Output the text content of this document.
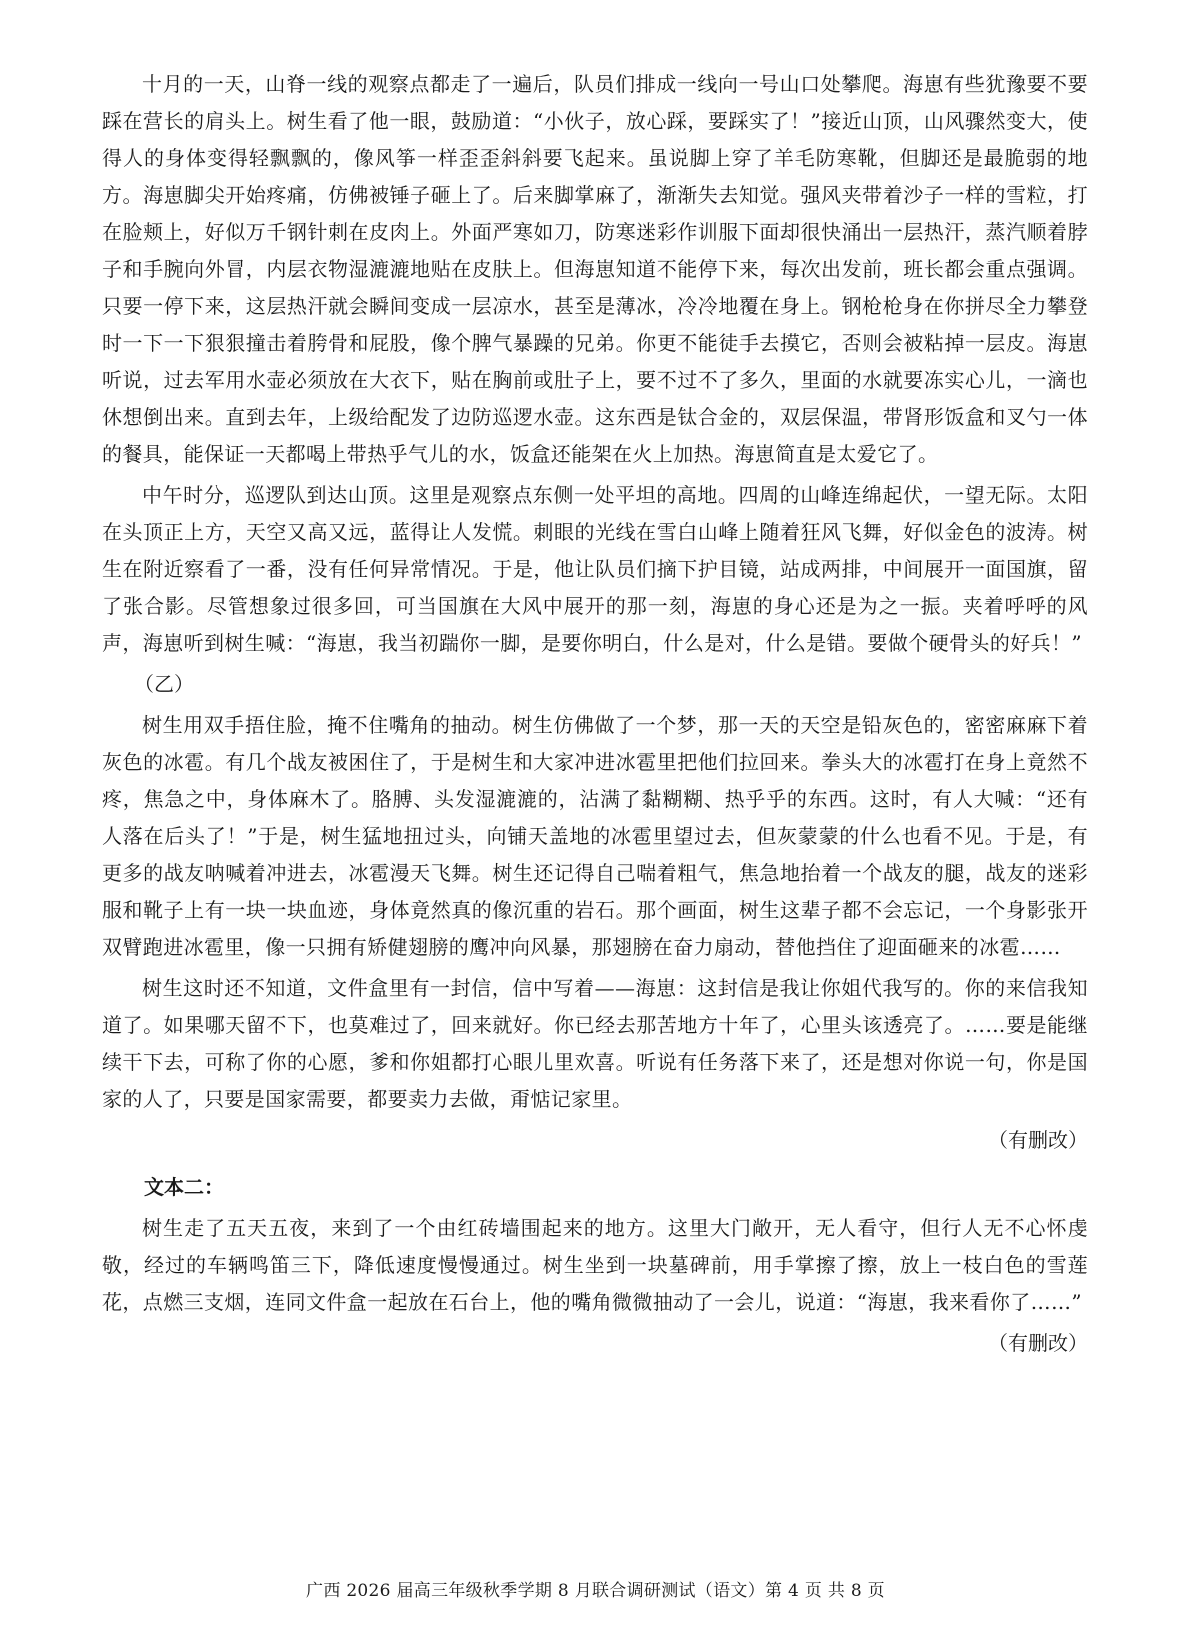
十月的一天，山脊一线的观察点都走了一遍后，队员们排成一线向一号山口处攀爬。海崽有些犹豫要不要踩在营长的肩头上。树生看了他一眼，鼓励道：“小伙子，放心踩，要踩实了！”接近山顶，山风骤然变大，使得人的身体变得轻飘飘的，像风筝一样歪歪斜斜要飞起来。虽说脚上穿了羊毛防寒靴，但脚还是最脆弱的地方。海崽脚尖开始疼痛，仿佛被锤子砸上了。后来脚掌麻了，渐渐失去知觉。强风夹带着沙子一样的雪粒，打在脸颊上，好似万千钢针刺在皮肉上。外面严寒如刀，防寒迷彩作训服下面却很快涌出一层热汗，蒸汽顺着脖子和手腕向外冒，内层衣物湿漉漉地贴在皮肤上。但海崽知道不能停下来，每次出发前，班长都会重点强调。只要一停下来，这层热汗就会瞬间变成一层凉水，甚至是薄冰，冷冷地覆在身上。钢枪枪身在你拼尽全力攀登时一下一下狠狠撞击着胯骨和屁股，像个脾气暴躁的兄弟。你更不能徒手去摸它，否则会被粘掉一层皮。海崽听说，过去军用水壶必须放在大衣下，贴在胸前或肚子上，要不过不了多久，里面的水就要冻实心儿，一滴也休想倒出来。直到去年，上级给配发了边防巡逻水壶。这东西是钛合金的，双层保温，带肾形饭盒和叉勺一体的餐具，能保证一天都喝上带热乎气儿的水，饭盒还能架在火上加热。海崽简直是太爱它了。

中午时分，巡逻队到达山顶。这里是观察点东侧一处平坦的高地。四周的山峰连绵起伏，一望无际。太阳在头顶正上方，天空又高又远，蓝得让人发慌。刺眼的光线在雪白山峰上随着狂风飞舞，好似金色的波涛。树生在附近察看了一番，没有任何异常情况。于是，他让队员们摘下护目镜，站成两排，中间展开一面国旗，留了张合影。尽管想象过很多回，可当国旗在大风中展开的那一刻，海崽的身心还是为之一振。夹着呼呼的风声，海崽听到树生喊：“海崽，我当初踹你一脚，是要你明白，什么是对，什么是错。要做个硬骨头的好兵！”

（乙）

树生用双手捂住脸，掩不住嘴角的抽动。树生仿佛做了一个梦，那一天的天空是铅灰色的，密密麻麻下着灰色的冰雹。有几个战友被困住了，于是树生和大家冲进冰雹里把他们拉回来。拳头大的冰雹打在身上竟然不疼，焦急之中，身体麻木了。胳膊、头发湿漉漉的，沾满了黏糊糊、热乎乎的东西。这时，有人大喊：“还有人落在后头了！”于是，树生猛地扭过头，向铺天盖地的冰雹里望过去，但灰蒙蒙的什么也看不见。于是，有更多的战友呐喊着冲进去，冰雹漫天飞舞。树生还记得自己喘着粗气，焦急地抬着一个战友的腿，战友的迷彩服和靴子上有一块一块血迹，身体竟然真的像沉重的岩石。那个画面，树生这辈子都不会忘记，一个身影张开双臂跑进冰雹里，像一只拥有矫健翅膀的鹰冲向风暴，那翅膀在奋力扇动，替他挡住了迎面砸来的冰雹……

树生这时还不知道，文件盒里有一封信，信中写着——海崽：这封信是我让你姐代我写的。你的来信我知道了。如果哪天留不下，也莫难过了，回来就好。你已经去那苦地方十年了，心里头该透亮了。……要是能继续干下去，可称了你的心愿，爹和你姐都打心眼儿里欢喜。听说有任务落下来了，还是想对你说一句，你是国家的人了，只要是国家需要，都要卖力去做，甭惦记家里。

（有删改）

文本二：

树生走了五天五夜，来到了一个由红砖墙围起来的地方。这里大门敞开，无人看守，但行人无不心怀虔敬，经过的车辆鸣笛三下，降低速度慢慢通过。树生坐到一块墓碑前，用手掌擦了擦，放上一枝白色的雪莲花，点燃三支烟，连同文件盒一起放在石台上，他的嘴角微微抽动了一会儿，说道：“海崽，我来看你了……”

（有删改）

广西 2026 届高三年级秋季学期 8 月联合调研测试（语文）第 4 页 共 8 页
